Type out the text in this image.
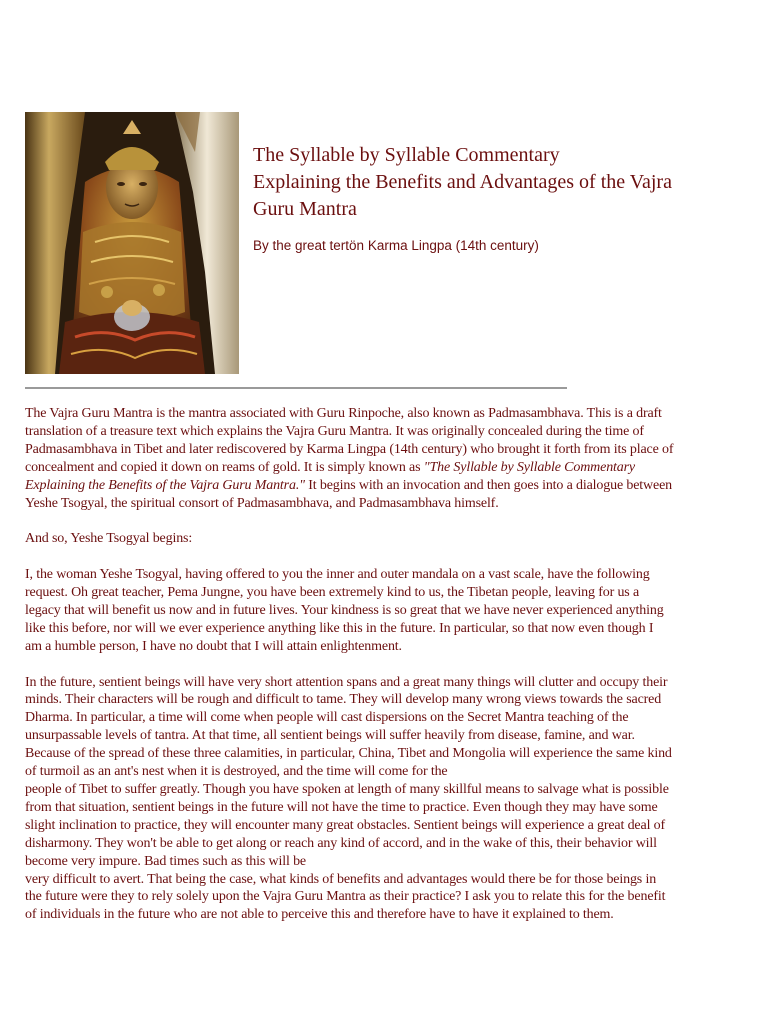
The Syllable by Syllable Commentary
Explaining the Benefits and Advantages of the Vajra
Guru Mantra
By the great tertön Karma Lingpa (14th century)

The Vajra Guru Mantra is the mantra associated with Guru Rinpoche, also known as Padmasambhava. This is a draft
translation of a treasure text which explains the Vajra Guru Mantra. It was originally concealed during the time of
Padmasambhava in Tibet and later rediscovered by Karma Lingpa (14th century) who brought it forth from its place of
concealment and copied it down on reams of gold. It is simply known as "The Syllable by Syllable Commentary
Explaining the Benefits of the Vajra Guru Mantra." It begins with an invocation and then goes into a dialogue between
Yeshe Tsogyal, the spiritual consort of Padmasambhava, and Padmasambhava himself.

And so, Yeshe Tsogyal begins:

I, the woman Yeshe Tsogyal, having offered to you the inner and outer mandala on a vast scale, have the following
request. Oh great teacher, Pema Jungne, you have been extremely kind to us, the Tibetan people, leaving for us a
legacy that will benefit us now and in future lives. Your kindness is so great that we have never experienced anything
like this before, nor will we ever experience anything like this in the future. In particular, so that now even though I
am a humble person, I have no doubt that I will attain enlightenment.

In the future, sentient beings will have very short attention spans and a great many things will clutter and occupy their
minds. Their characters will be rough and difficult to tame. They will develop many wrong views towards the sacred
Dharma. In particular, a time will come when people will cast dispersions on the Secret Mantra teaching of the
unsurpassable levels of tantra. At that time, all sentient beings will suffer heavily from disease, famine, and war.
Because of the spread of these three calamities, in particular, China, Tibet and Mongolia will experience the same kind
of turmoil as an ant's nest when it is destroyed, and the time will come for the
people of Tibet to suffer greatly. Though you have spoken at length of many skillful means to salvage what is possible
from that situation, sentient beings in the future will not have the time to practice. Even though they may have some
slight inclination to practice, they will encounter many great obstacles. Sentient beings will experience a great deal of
disharmony. They won't be able to get along or reach any kind of accord, and in the wake of this, their behavior will
become very impure. Bad times such as this will be
very difficult to avert. That being the case, what kinds of benefits and advantages would there be for those beings in
the future were they to rely solely upon the Vajra Guru Mantra as their practice? I ask you to relate this for the benefit
of individuals in the future who are not able to perceive this and therefore have to have it explained to them.
